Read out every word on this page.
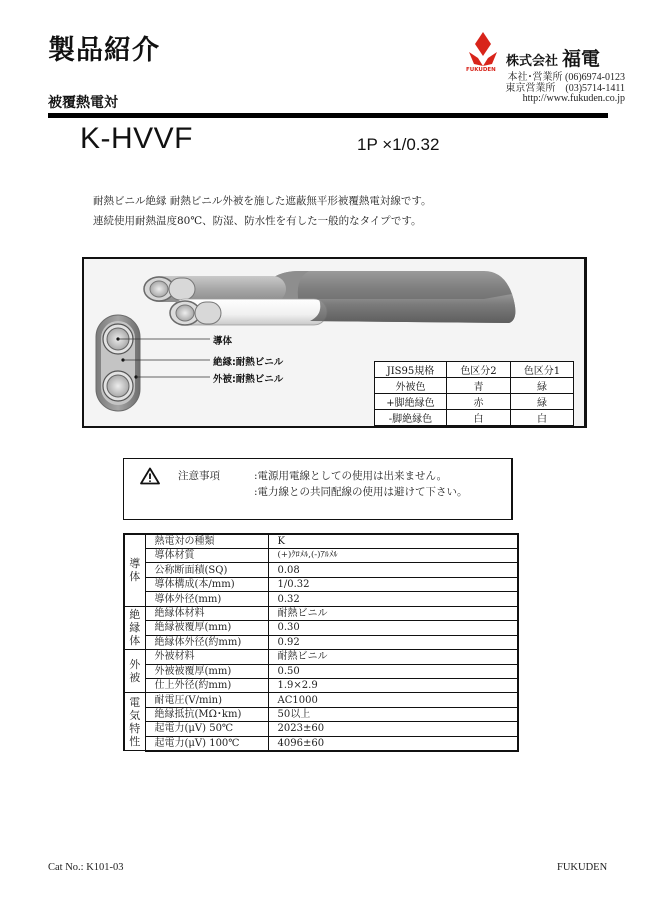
製品紹介
被覆熱電対
FUKUDEN
株式会社 福電
本社･営業所 (06)6974-0123
東京営業所　(03)5714-1411
http://www.fukuden.co.jp
K-HVVF	1P ×1/0.32
耐熱ビニル絶縁 耐熱ビニル外被を施した遮蔽無平形被覆熱電対線です。
連続使用耐熱温度80℃、防湿、防水性を有した一般的なタイプです。
導体
絶縁:耐熱ビニル
外被:耐熱ビニル
JIS95規格	色区分2	色区分1
外被色	青	緑
+脚絶縁色	赤	緑
-脚絶縁色	白	白
注意事項	:電源用電線としての使用は出来ません。
:電力線との共同配線の使用は避けて下さい。
導
体	熱電対の種類	K
	導体材質	(+)ｸﾛﾒﾙ,(-)ｱﾙﾒﾙ
	公称断面積(SQ)	0.08
	導体構成(本/mm)	1/0.32
	導体外径(mm)	0.32

絶
縁
体	絶縁体材料	耐熱ビニル
	絶縁被覆厚(mm)	0.30
	絶縁体外径(約mm)	0.92

外
被	外被材料	耐熱ビニル
	外被被覆厚(mm)	0.50
	仕上外径(約mm)	1.9×2.9

電
気
特
性	耐電圧(V/min)	AC1000
	絶縁抵抗(MΩ･km)	50以上
	起電力(μV) 50℃	2023±60
	起電力(μV) 100℃	4096±60
Cat No.: K101-03	FUKUDEN
